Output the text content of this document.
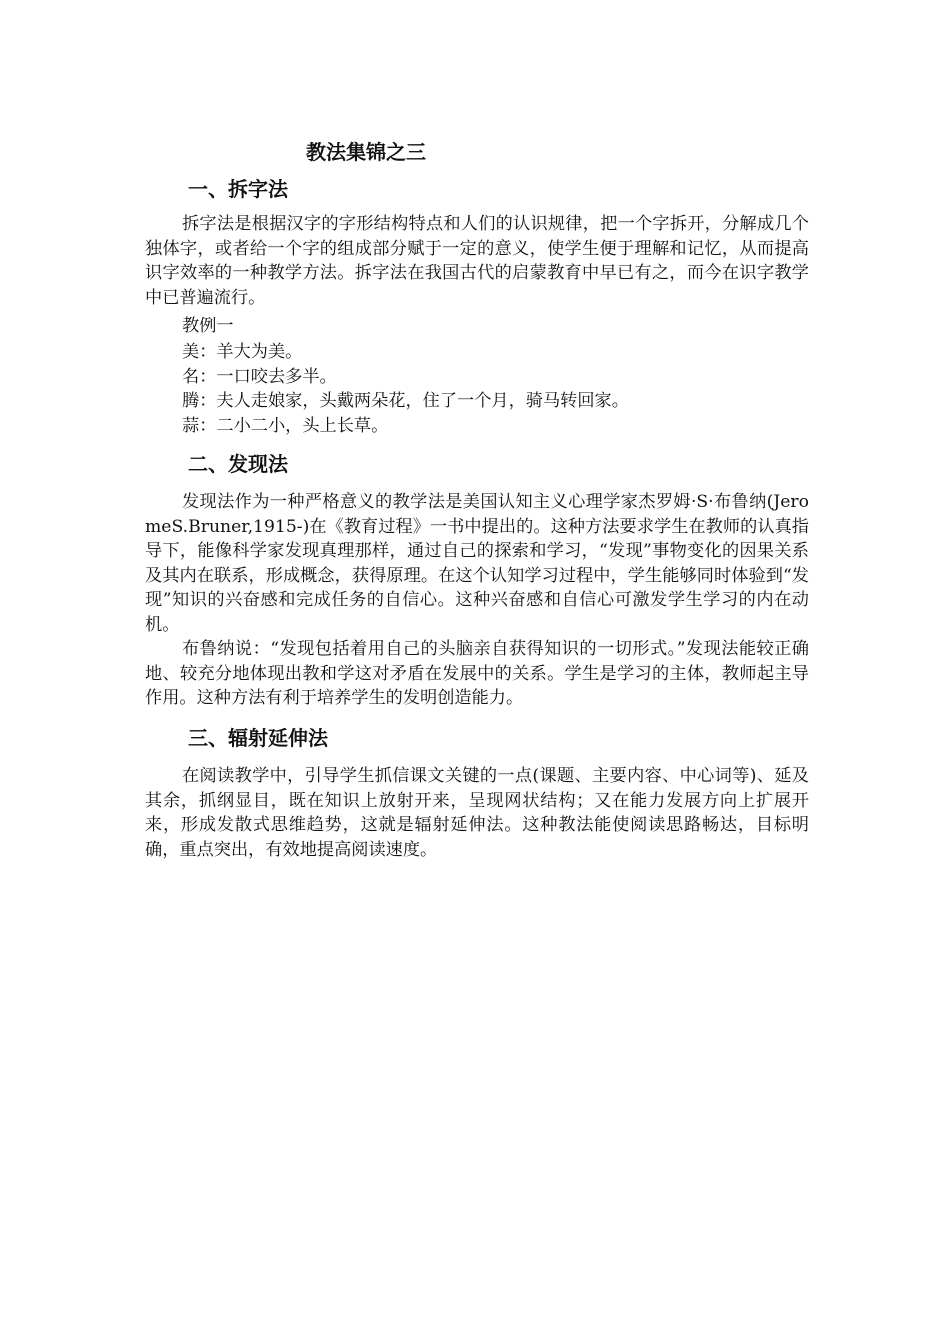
教法集锦之三
一、拆字法

拆字法是根据汉字的字形结构特点和人们的认识规律，把一个字拆开，分解成几个独体字，或者给一个字的组成部分赋于一定的意义，使学生便于理解和记忆，从而提高识字效率的一种教学方法。拆字法在我国古代的启蒙教育中早已有之，而今在识字教学中已普遍流行。

教例一

美：羊大为美。

名：一口咬去多半。

腾：夫人走娘家，头戴两朵花，住了一个月，骑马转回家。

蒜：二小二小，头上长草。

二、发现法

发现法作为一种严格意义的教学法是美国认知主义心理学家杰罗姆·S·布鲁纳(JeromeS.Bruner,1915-)在《教育过程》一书中提出的。这种方法要求学生在教师的认真指导下，能像科学家发现真理那样，通过自己的探索和学习，“发现”事物变化的因果关系及其内在联系，形成概念，获得原理。在这个认知学习过程中，学生能够同时体验到“发现”知识的兴奋感和完成任务的自信心。这种兴奋感和自信心可激发学生学习的内在动机。

布鲁纳说：“发现包括着用自己的头脑亲自获得知识的一切形式。”发现法能较正确地、较充分地体现出教和学这对矛盾在发展中的关系。学生是学习的主体，教师起主导作用。这种方法有利于培养学生的发明创造能力。

三、辐射延伸法

在阅读教学中，引导学生抓信课文关键的一点(课题、主要内容、中心词等)、延及其余，抓纲显目，既在知识上放射开来，呈现网状结构；又在能力发展方向上扩展开来，形成发散式思维趋势，这就是辐射延伸法。这种教法能使阅读思路畅达，目标明确，重点突出，有效地提高阅读速度。
